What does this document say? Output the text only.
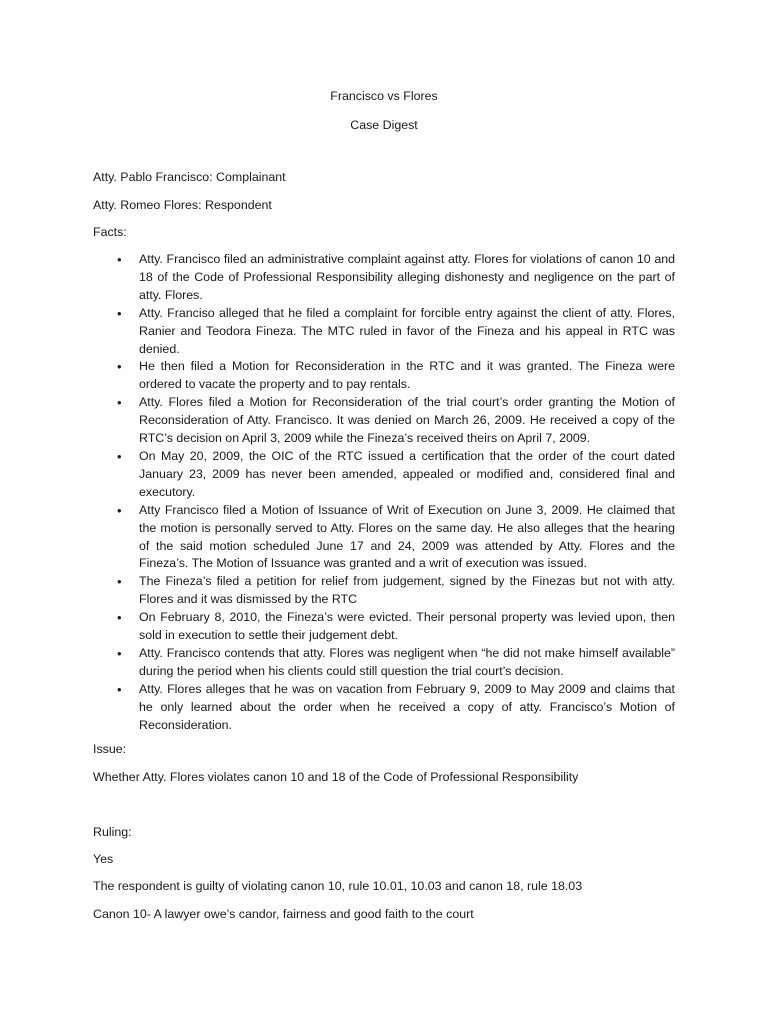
Francisco vs Flores

Case Digest

Atty. Pablo Francisco: Complainant

Atty. Romeo Flores: Respondent

Facts:

• Atty. Francisco filed an administrative complaint against atty. Flores for violations of canon 10 and 18 of the Code of Professional Responsibility alleging dishonesty and negligence on the part of atty. Flores.
• Atty. Franciso alleged that he filed a complaint for forcible entry against the client of atty. Flores, Ranier and Teodora Fineza. The MTC ruled in favor of the Fineza and his appeal in RTC was denied.
• He then filed a Motion for Reconsideration in the RTC and it was granted. The Fineza were ordered to vacate the property and to pay rentals.
• Atty. Flores filed a Motion for Reconsideration of the trial court’s order granting the Motion of Reconsideration of Atty. Francisco. It was denied on March 26, 2009. He received a copy of the RTC’s decision on April 3, 2009 while the Fineza’s received theirs on April 7, 2009.
• On May 20, 2009, the OIC of the RTC issued a certification that the order of the court dated January 23, 2009 has never been amended, appealed or modified and, considered final and executory.
• Atty Francisco filed a Motion of Issuance of Writ of Execution on June 3, 2009. He claimed that the motion is personally served to Atty. Flores on the same day. He also alleges that the hearing of the said motion scheduled June 17 and 24, 2009 was attended by Atty. Flores and the Fineza’s. The Motion of Issuance was granted and a writ of execution was issued.
• The Fineza’s filed a petition for relief from judgement, signed by the Finezas but not with atty. Flores and it was dismissed by the RTC
• On February 8, 2010, the Fineza’s were evicted. Their personal property was levied upon, then sold in execution to settle their judgement debt.
• Atty. Francisco contends that atty. Flores was negligent when “he did not make himself available” during the period when his clients could still question the trial court’s decision.
• Atty. Flores alleges that he was on vacation from February 9, 2009 to May 2009 and claims that he only learned about the order when he received a copy of atty. Francisco’s Motion of Reconsideration.

Issue:

Whether Atty. Flores violates canon 10 and 18 of the Code of Professional Responsibility

Ruling:

Yes

The respondent is guilty of violating canon 10, rule 10.01, 10.03 and canon 18, rule 18.03

Canon 10- A lawyer owe’s candor, fairness and good faith to the court
